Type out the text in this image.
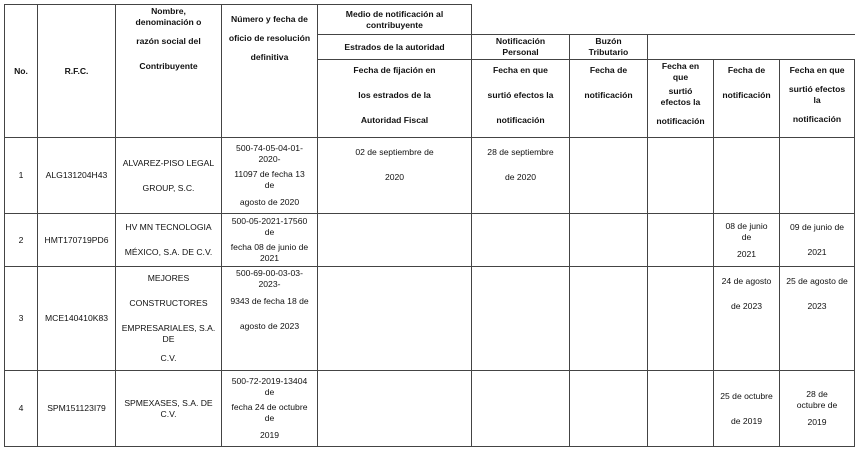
No.	R.F.C.	Nombre,
denominación o
razón social del
Contribuyente	Número y fecha de
oficio de resolución
definitiva	Medio de notificación al
contribuyente					

				Estrados de la autoridad	Notificación
Personal	Buzón
Tributario			

				Fecha de fijación en
los estrados de la
Autoridad Fiscal	Fecha en que
surtió efectos la
notificación	Fecha de
notificación	Fecha en
que
surtió
efectos la
notificación	Fecha de
notificación	Fecha en que
surtió efectos
la
notificación

1	ALG131204H43	ALVAREZ-PISO LEGAL
GROUP, S.C.	500-74-05-04-01-
2020-
11097 de fecha 13
de
agosto de 2020	02 de septiembre de
2020	28 de septiembre
de 2020				

2	HMT170719PD6	HV MN TECNOLOGIA
MÉXICO, S.A. DE C.V.	500-05-2021-17560
de
fecha 08 de junio de
2021					08 de junio
de
2021	09 de junio de
2021

3	MCE140410K83	MEJORES
CONSTRUCTORES
EMPRESARIALES, S.A.
DE
C.V.	500-69-00-03-03-
2023-
9343 de fecha 18 de
agosto de 2023					24 de agosto
de 2023	25 de agosto de
2023

4	SPM151123I79	SPMEXASES, S.A. DE
C.V.	500-72-2019-13404
de
fecha 24 de octubre
de
2019					25 de octubre
de 2019	28 de
octubre de
2019
